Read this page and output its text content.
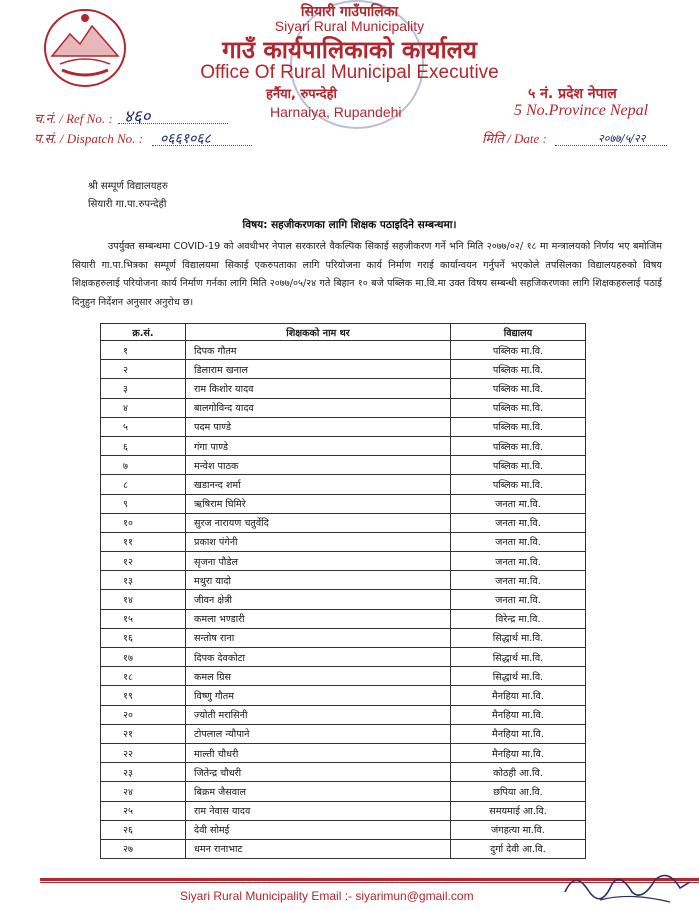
सियारी गाउँपालिका
Siyari Rural Municipality
गाउँ कार्यपालिकाको कार्यालय
Office Of Rural Municipal Executive
हर्नैया, रुपन्देही
Harnaiya, Rupandehi
५ नं. प्रदेश नेपाल
5 No.Province Nepal
च.नं. / Ref No. : ४६०
प.सं. / Dispatch No. : ०६६१०६८	मिति / Date :	२०७७/५/२२
श्री सम्पूर्ण विद्यालयहरु
सियारी गा.पा.रुपन्देही
विषय: सहजीकरणका लागि शिक्षक पठाइदिने सम्बन्धमा।
उपर्युक्त सम्बन्धमा COVID-19 को अवधीभर नेपाल सरकारले वैकल्पिक सिकाई सहजीकरण गर्ने भनि मिति २०७७/०२/ १८ मा मन्त्रालयको निर्णय भए बमोजिम सियारी गा.पा.भित्रका सम्पूर्ण विद्यालयमा सिकाई एकरुपताका लागि परियोजना कार्य निर्माण गराई कार्यान्वयन गर्नुपर्ने भएकोले तपसिलका विद्यालयहरुको विषय शिक्षकहरुलाई परियोजना कार्य निर्माण गर्नका लागि मिति २०७७/०५/२४ गते बिहान १० बजे पब्लिक मा.वि.मा उक्त विषय सम्बन्धी सहजिकरणका लागि शिक्षकहरुलाई पठाई दिनुहुन निर्देशन अनुसार अनुरोध छ।
क्र.सं.	शिक्षकको नाम थर	विद्यालय
१	दिपक गौतम	पब्लिक मा.वि.
२	डिलाराम खनाल	पब्लिक मा.वि.
३	राम किशोर यादव	पब्लिक मा.वि.
४	बालगोविन्द यादव	पब्लिक मा.वि.
५	पदम पाण्डे	पब्लिक मा.वि.
६	गंगा पाण्डे	पब्लिक मा.वि.
७	मन्वेश पाठक	पब्लिक मा.वि.
८	खडानन्द शर्मा	पब्लिक मा.वि.
९	ऋषिराम घिमिरे	जनता मा.वि.
१०	सुरज नारायण चतुर्वेदि	जनता मा.वि.
११	प्रकाश पंगेनी	जनता मा.वि.
१२	सृजना पौडेल	जनता मा.वि.
१३	मथुरा यादो	जनता मा.वि.
१४	जीवन क्षेत्री	जनता मा.वि.
१५	कमला भण्डारी	विरेन्द्र मा.वि.
१६	सन्तोष राना	सिद्धार्थ मा.वि.
१७	दिपक देवकोटा	सिद्धार्थ मा.वि.
१८	कमल ग्रिस	सिद्धार्थ मा.वि.
१९	विष्णु गौतम	मैनहिया मा.वि.
२०	ज्योती मरासिनी	मैनहिया मा.वि.
२१	टोपलाल न्यौपाने	मैनहिया मा.वि.
२२	माल्ती चौधरी	मैनहिया मा.वि.
२३	जितेन्द्र चौधरी	कोठही आ.वि.
२४	बिक्रम जैसवाल	छपिया आ.वि.
२५	राम नेवास यादव	समयमाई आ.वि.
२६	देवी सोमई	जंगहत्या मा.वि.
२७	धमन रानाभाट	दुर्गा देवी आ.वि.
Siyari Rural Municipality Email :- siyarimun@gmail.com
